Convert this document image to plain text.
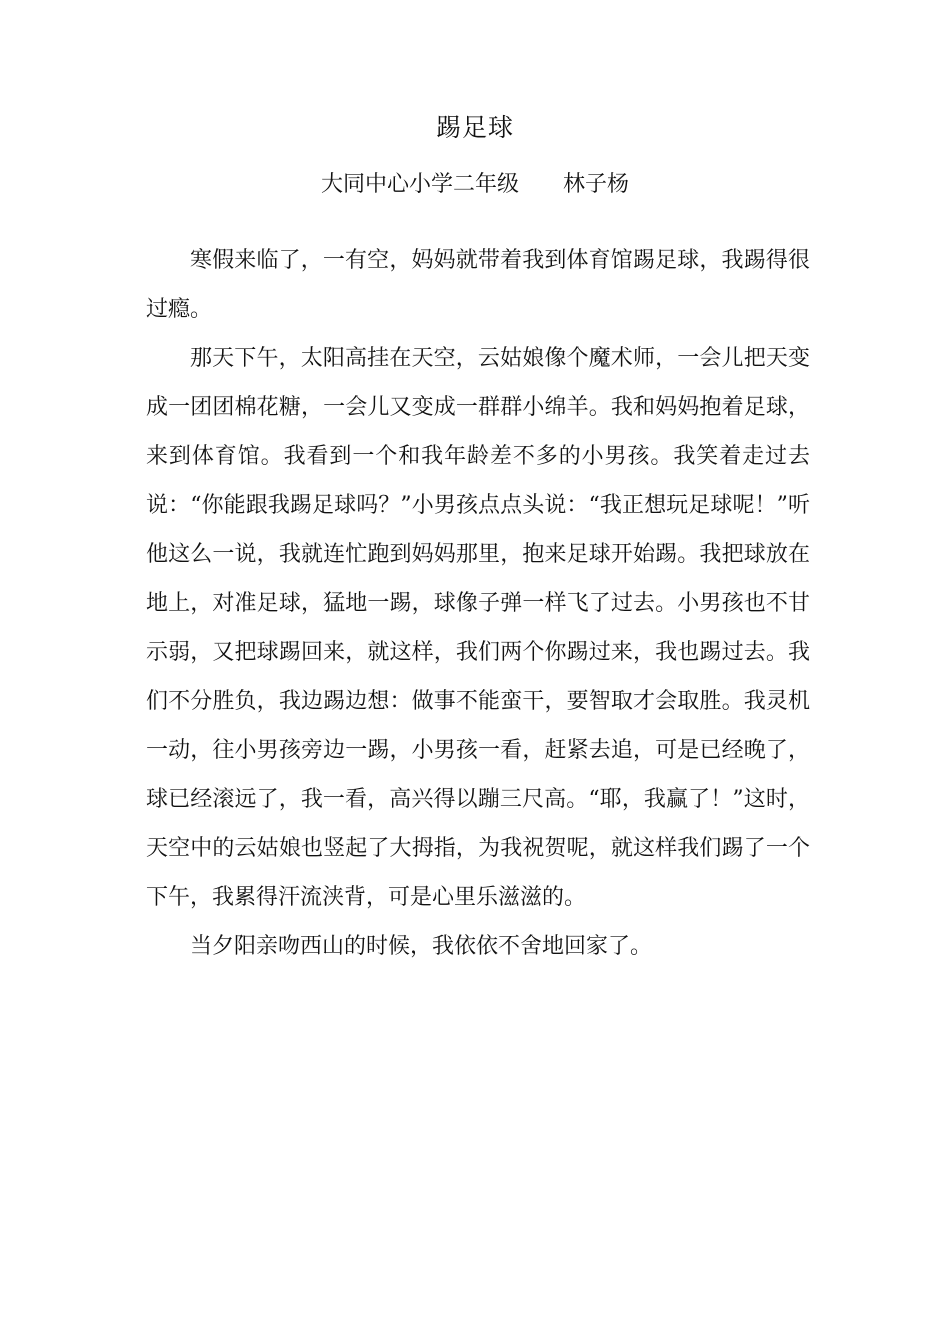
踢足球
大同中心小学二年级 林子杨

寒假来临了，一有空，妈妈就带着我到体育馆踢足球，我踢得很过瘾。

那天下午，太阳高挂在天空，云姑娘像个魔术师，一会儿把天变成一团团棉花糖，一会儿又变成一群群小绵羊。我和妈妈抱着足球，来到体育馆。我看到一个和我年龄差不多的小男孩。我笑着走过去说：“你能跟我踢足球吗？”小男孩点点头说：“我正想玩足球呢！”听他这么一说，我就连忙跑到妈妈那里，抱来足球开始踢。我把球放在地上，对准足球，猛地一踢，球像子弹一样飞了过去。小男孩也不甘示弱，又把球踢回来，就这样，我们两个你踢过来，我也踢过去。我们不分胜负，我边踢边想：做事不能蛮干，要智取才会取胜。我灵机一动，往小男孩旁边一踢，小男孩一看，赶紧去追，可是已经晚了，球已经滚远了，我一看，高兴得以蹦三尺高。“耶，我赢了！”这时，天空中的云姑娘也竖起了大拇指，为我祝贺呢，就这样我们踢了一个下午，我累得汗流浃背，可是心里乐滋滋的。

当夕阳亲吻西山的时候，我依依不舍地回家了。
